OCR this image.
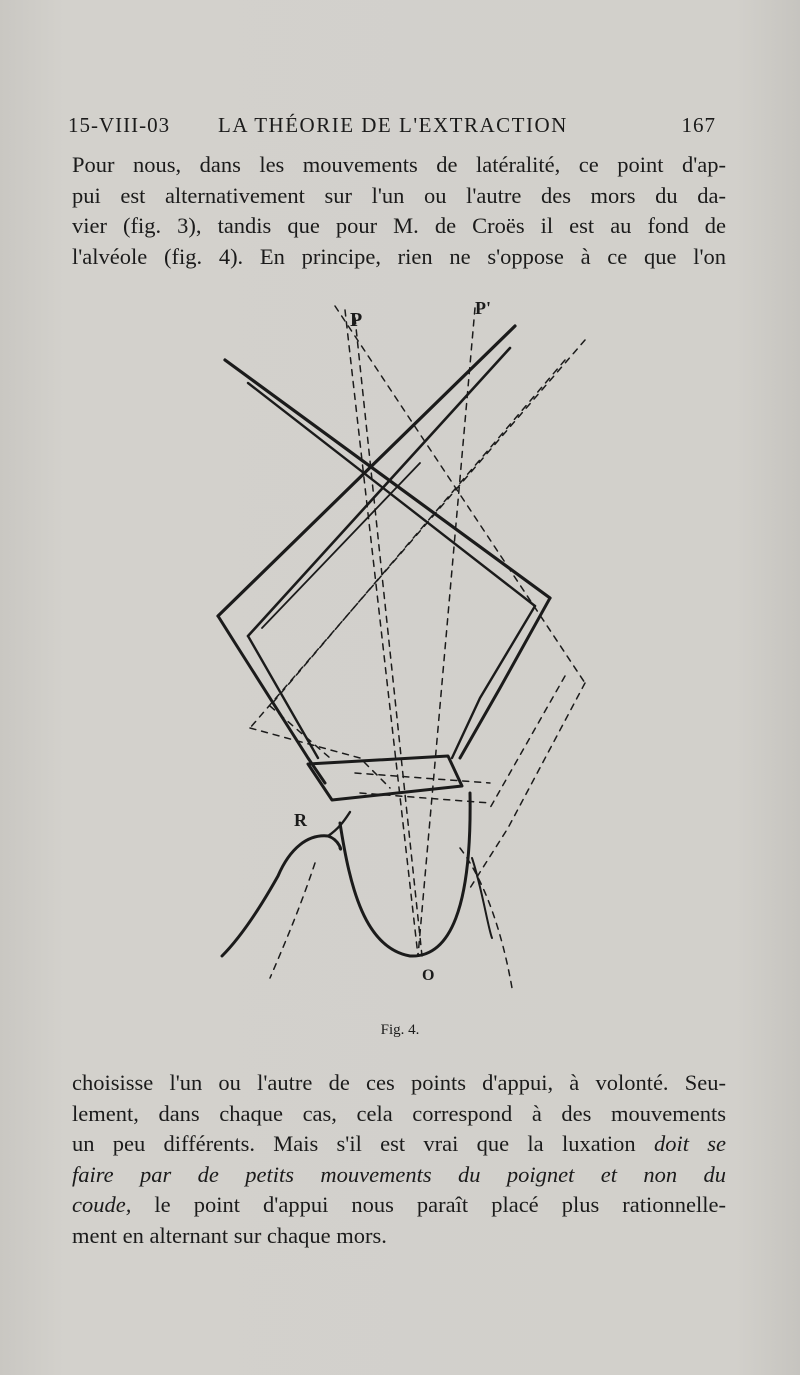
15-VIII-03 LA THÉORIE DE L'EXTRACTION	167
Pour nous, dans les mouvements de latéralité, ce point d'ap-
pui est alternativement sur l'un ou l'autre des mors du da-
vier (fig. 3), tandis que pour M. de Croës il est au fond de
l'alvéole (fig. 4). En principe, rien ne s'oppose à ce que l'on
P
P'
R
O
Fig. 4.
choisisse l'un ou l'autre de ces points d'appui, à volonté. Seu-
lement, dans chaque cas, cela correspond à des mouvements
un peu différents. Mais s'il est vrai que la luxation doit se
faire par de petits mouvements du poignet et non du
coude, le point d'appui nous paraît placé plus rationnelle-
ment en alternant sur chaque mors.
